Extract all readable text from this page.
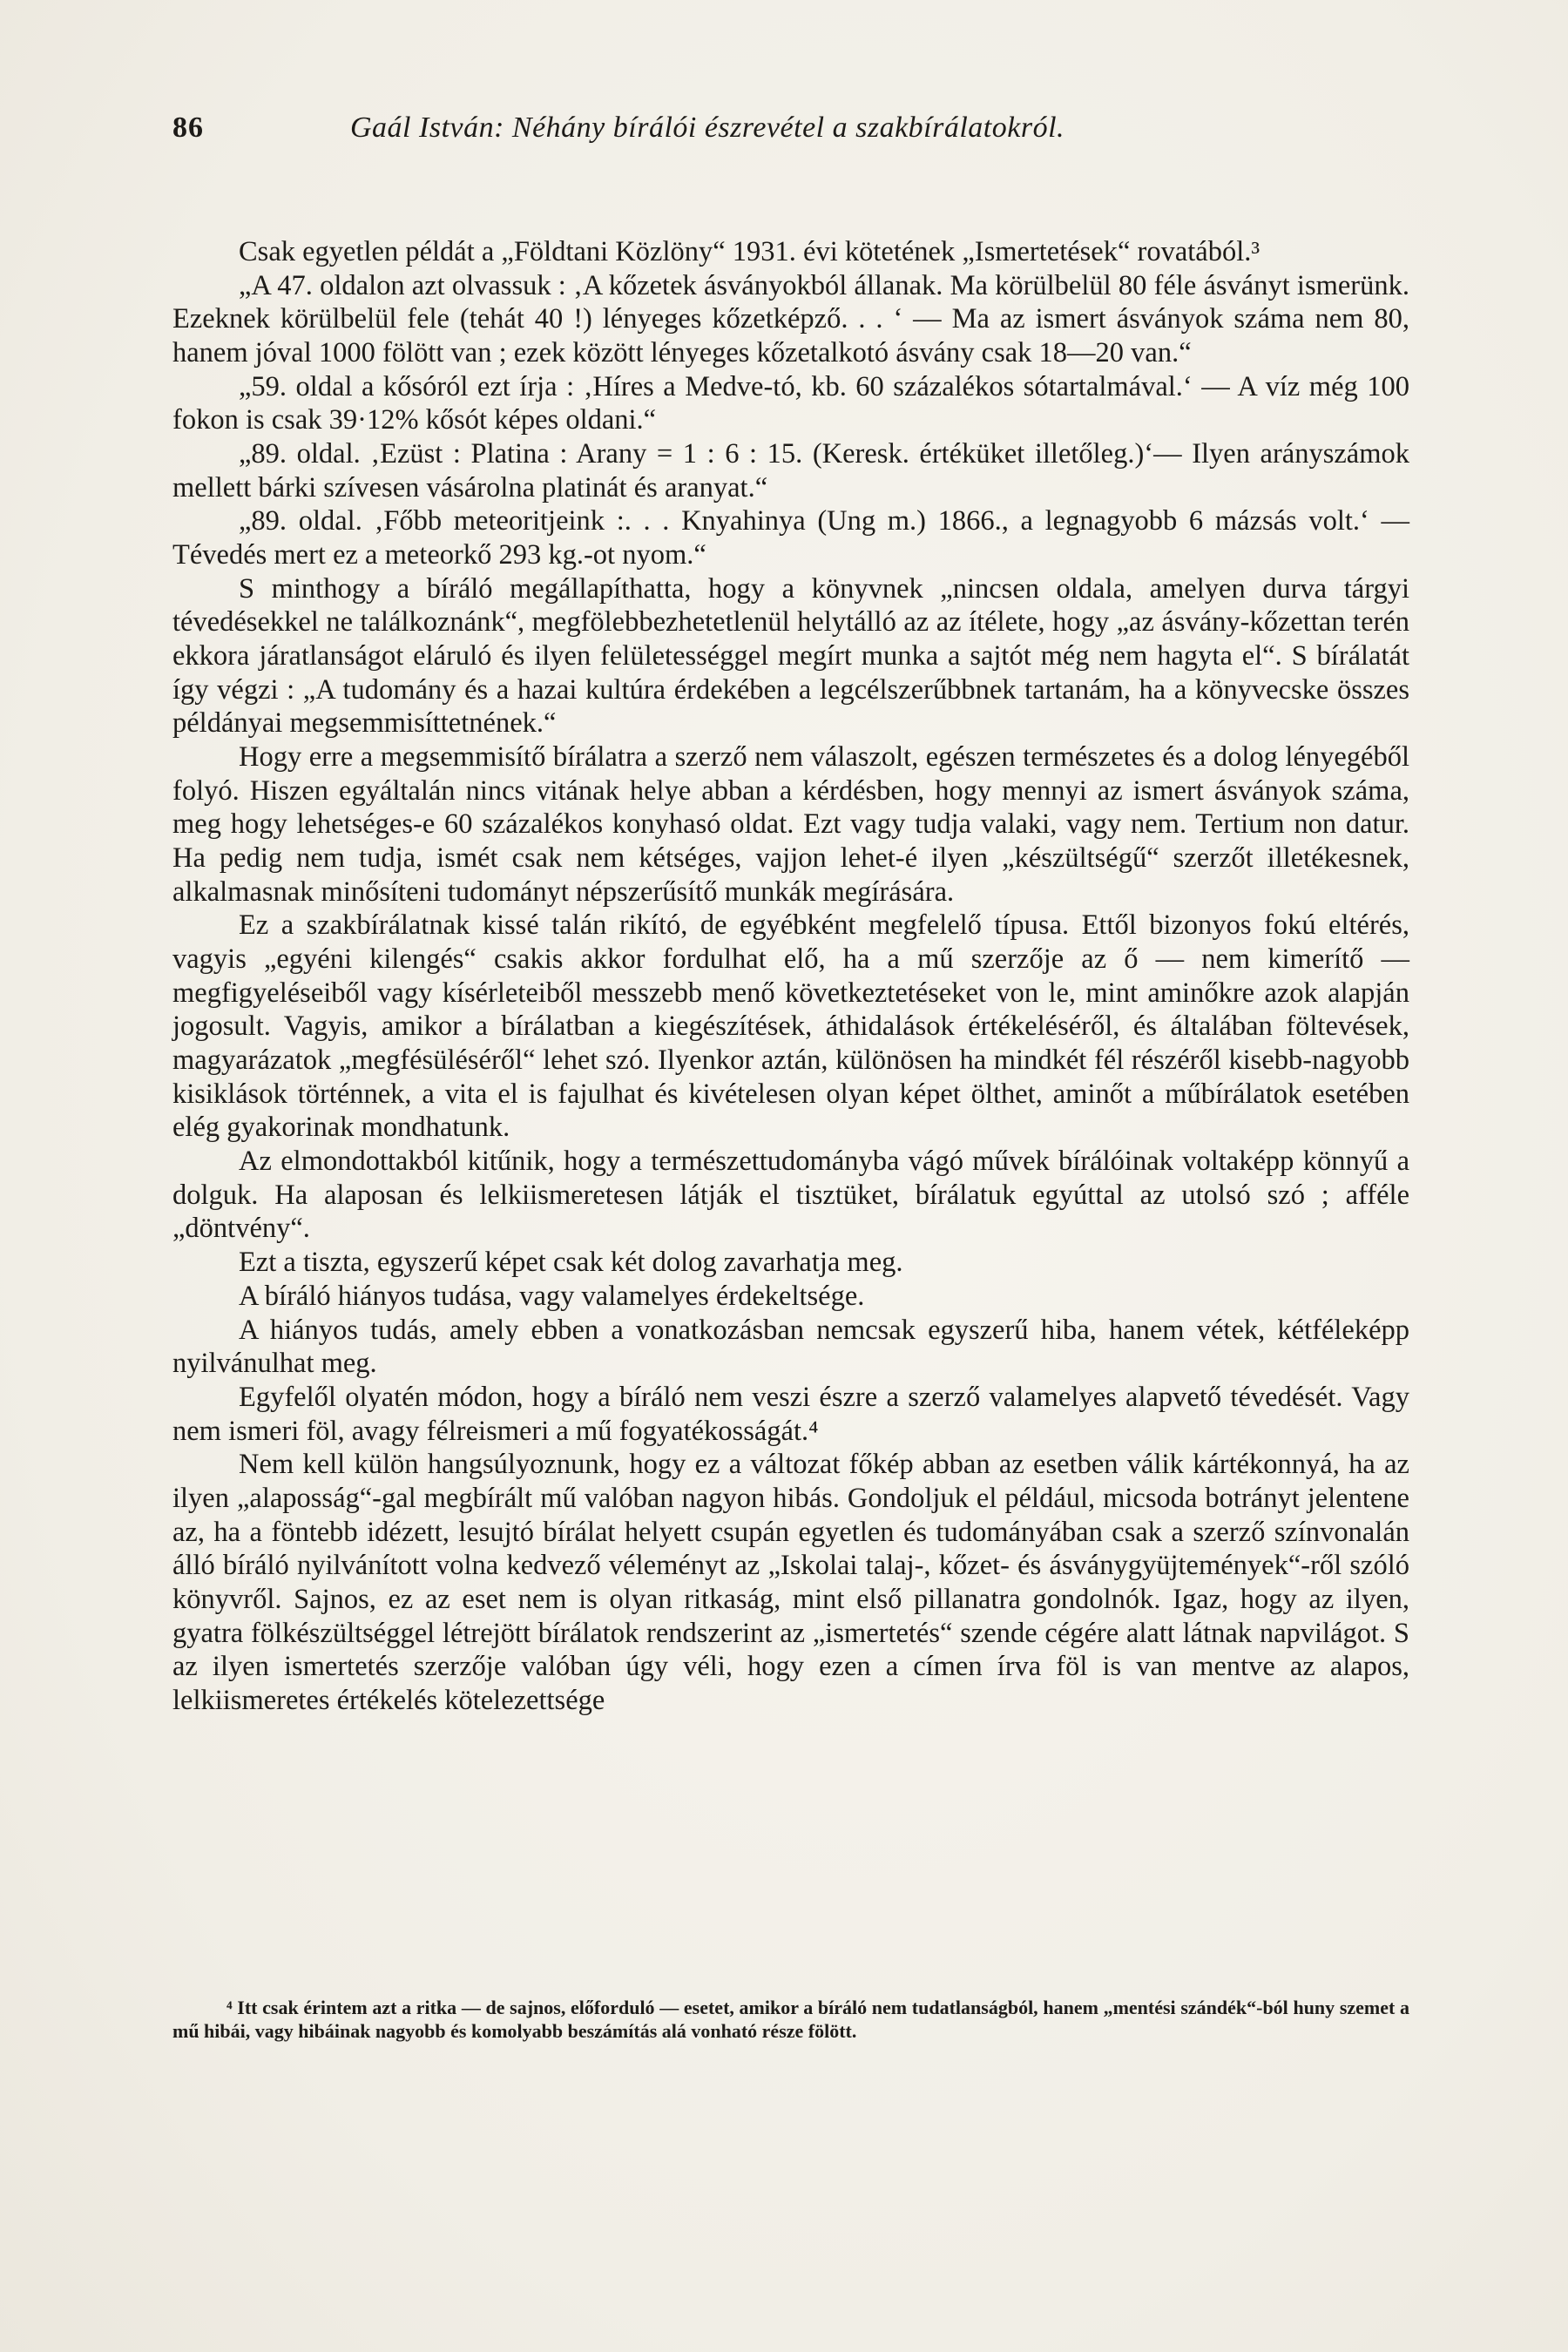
86	Gaál István: Néhány bírálói észrevétel a szakbírálatokról.

Csak egyetlen példát a „Földtani Közlöny“ 1931. évi kötetének „Ismertetések“ rovatából.³

„A 47. oldalon azt olvassuk : ‚A kőzetek ásványokból állanak. Ma körülbelül 80 féle ásványt ismerünk. Ezeknek körülbelül fele (tehát 40 !) lényeges kőzetképző. . . ‘ — Ma az ismert ásványok száma nem 80, hanem jóval 1000 fölött van ; ezek között lényeges kőzetalkotó ásvány csak 18—20 van.“

„59. oldal a kősóról ezt írja : ‚Híres a Medve-tó, kb. 60 százalékos sótartalmával.‘ — A víz még 100 fokon is csak 39·12% kősót képes oldani.“

„89. oldal. ‚Ezüst : Platina : Arany = 1 : 6 : 15. (Keresk. értéküket illetőleg.)‘— Ilyen arányszámok mellett bárki szívesen vásárolna platinát és aranyat.“

„89. oldal. ‚Főbb meteoritjeink :. . . Knyahinya (Ung m.) 1866., a legnagyobb 6 mázsás volt.‘ — Tévedés mert ez a meteorkő 293 kg.-ot nyom.“

S minthogy a bíráló megállapíthatta, hogy a könyvnek „nincsen oldala, amelyen durva tárgyi tévedésekkel ne találkoznánk“, megfölebbezhetetlenül helytálló az az ítélete, hogy „az ásvány-kőzettan terén ekkora járatlanságot eláruló és ilyen felületességgel megírt munka a sajtót még nem hagyta el“. S bírálatát így végzi : „A tudomány és a hazai kultúra érdekében a legcélszerűbbnek tartanám, ha a könyvecske összes példányai megsemmisíttetnének.“

Hogy erre a megsemmisítő bírálatra a szerző nem válaszolt, egészen természetes és a dolog lényegéből folyó. Hiszen egyáltalán nincs vitának helye abban a kérdésben, hogy mennyi az ismert ásványok száma, meg hogy lehetséges-e 60 százalékos konyhasó oldat. Ezt vagy tudja valaki, vagy nem. Tertium non datur. Ha pedig nem tudja, ismét csak nem kétséges, vajjon lehet-é ilyen „készültségű“ szerzőt illetékesnek, alkalmasnak minősíteni tudományt népszerűsítő munkák megírására.

Ez a szakbírálatnak kissé talán rikító, de egyébként megfelelő típusa. Ettől bizonyos fokú eltérés, vagyis „egyéni kilengés“ csakis akkor fordulhat elő, ha a mű szerzője az ő — nem kimerítő — megfigyeléseiből vagy kísérleteiből messzebb menő következtetéseket von le, mint aminőkre azok alapján jogosult. Vagyis, amikor a bírálatban a kiegészítések, áthidalások értékeléséről, és általában föltevések, magyarázatok „megfésüléséről“ lehet szó. Ilyenkor aztán, különösen ha mindkét fél részéről kisebb-nagyobb kisiklások történnek, a vita el is fajulhat és kivételesen olyan képet ölthet, aminőt a műbírálatok esetében elég gyakorinak mondhatunk.

Az elmondottakból kitűnik, hogy a természettudományba vágó művek bírálóinak voltaképp könnyű a dolguk. Ha alaposan és lelkiismeretesen látják el tisztüket, bírálatuk egyúttal az utolsó szó ; afféle „döntvény“.

Ezt a tiszta, egyszerű képet csak két dolog zavarhatja meg.

A bíráló hiányos tudása, vagy valamelyes érdekeltsége.

A hiányos tudás, amely ebben a vonatkozásban nemcsak egyszerű hiba, hanem vétek, kétféleképp nyilvánulhat meg.

Egyfelől olyatén módon, hogy a bíráló nem veszi észre a szerző valamelyes alapvető tévedését. Vagy nem ismeri föl, avagy félreismeri a mű fogyatékosságát.⁴

Nem kell külön hangsúlyoznunk, hogy ez a változat főkép abban az esetben válik kártékonnyá, ha az ilyen „alaposság“-gal megbírált mű valóban nagyon hibás. Gondoljuk el például, micsoda botrányt jelentene az, ha a föntebb idézett, lesujtó bírálat helyett csupán egyetlen és tudományában csak a szerző színvonalán álló bíráló nyilvánított volna kedvező véleményt az „Iskolai talaj-, kőzet- és ásványgyüjtemények“-ről szóló könyvről. Sajnos, ez az eset nem is olyan ritkaság, mint első pillanatra gondolnók. Igaz, hogy az ilyen, gyatra fölkészültséggel létrejött bírálatok rendszerint az „ismertetés“ szende cégére alatt látnak napvilágot. S az ilyen ismertetés szerzője valóban úgy véli, hogy ezen a címen írva föl is van mentve az alapos, lelkiismeretes értékelés kötelezettsége

⁴ Itt csak érintem azt a ritka — de sajnos, előforduló — esetet, amikor a bíráló nem tudatlanságból, hanem „mentési szándék“-ból huny szemet a mű hibái, vagy hibáinak nagyobb és komolyabb beszámítás alá vonható része fölött.
